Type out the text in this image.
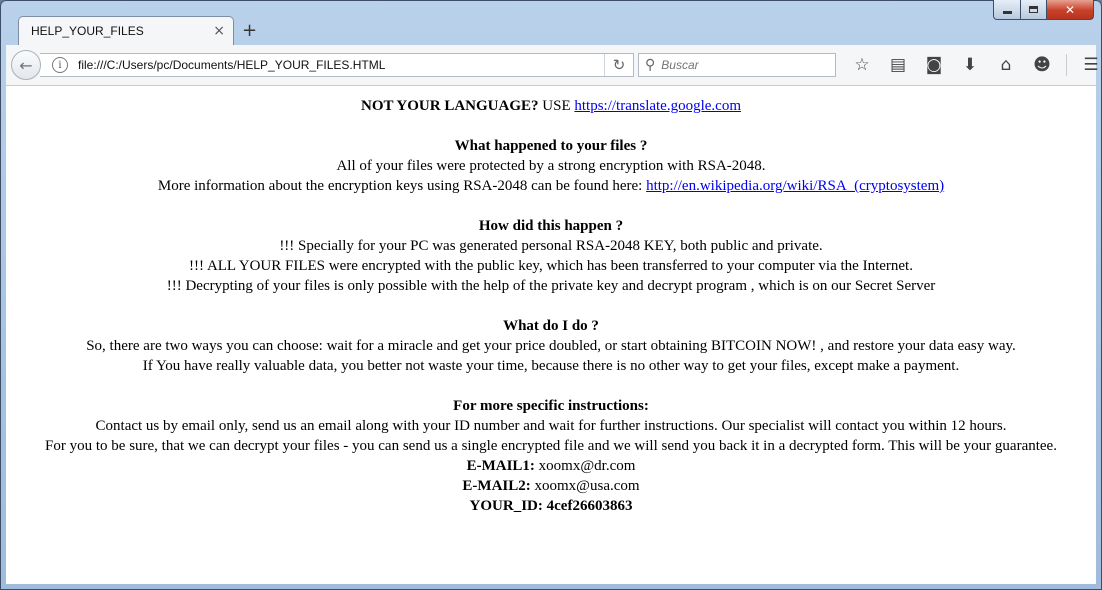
✕
HELP_YOUR_FILES	× +
i	file:///C:/Users/pc/Documents/HELP_YOUR_FILES.HTML	↻
←	⚲
Buscar	☆	▤	◙	⬇	⌂	☻	☰

NOT YOUR LANGUAGE? USE https://translate.google.com

What happened to your files ?

All of your files were protected by a strong encryption with RSA-2048.

More information about the encryption keys using RSA-2048 can be found here: http://en.wikipedia.org/wiki/RSA_(cryptosystem)

How did this happen ?

!!! Specially for your PC was generated personal RSA-2048 KEY, both public and private.

!!! ALL YOUR FILES were encrypted with the public key, which has been transferred to your computer via the Internet.

!!! Decrypting of your files is only possible with the help of the private key and decrypt program , which is on our Secret Server

What do I do ?

So, there are two ways you can choose: wait for a miracle and get your price doubled, or start obtaining BITCOIN NOW! , and restore your data easy way.

If You have really valuable data, you better not waste your time, because there is no other way to get your files, except make a payment.

For more specific instructions:

Contact us by email only, send us an email along with your ID number and wait for further instructions. Our specialist will contact you within 12 hours.

For you to be sure, that we can decrypt your files - you can send us a single encrypted file and we will send you back it in a decrypted form. This will be your guarantee.

E-MAIL1: xoomx@dr.com

E-MAIL2: xoomx@usa.com

YOUR_ID: 4cef26603863
